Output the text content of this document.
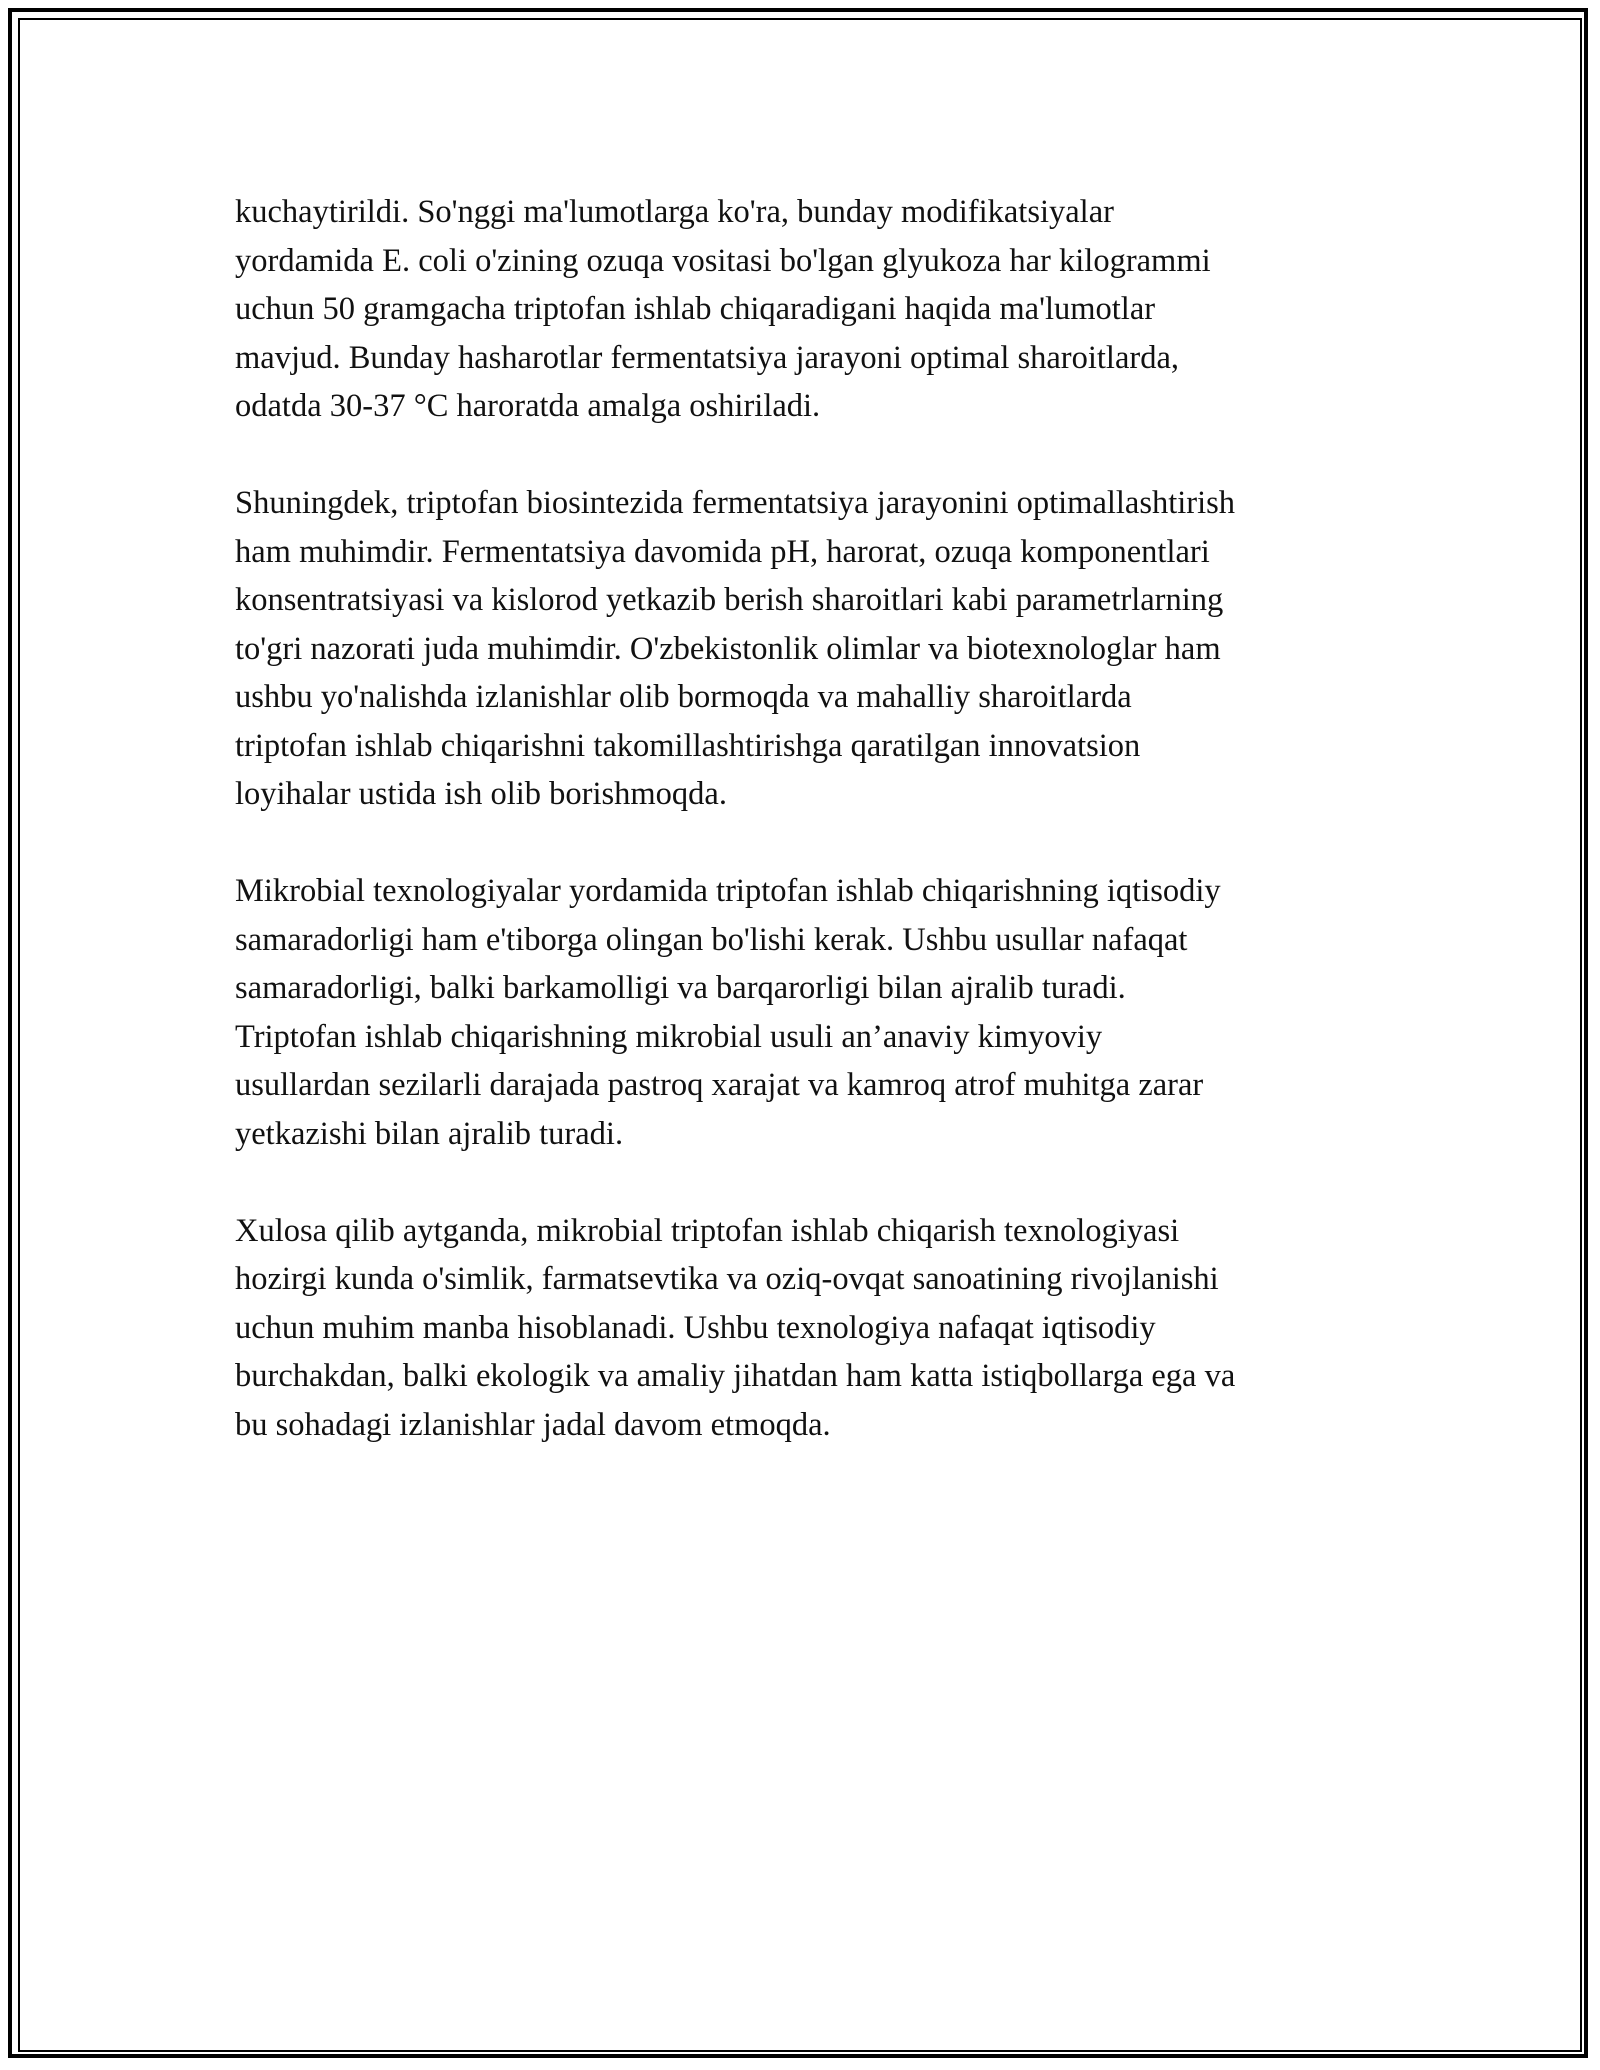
kuchaytirildi. So'nggi ma'lumotlarga ko'ra, bunday modifikatsiyalar
yordamida E. coli o'zining ozuqa vositasi bo'lgan glyukoza har kilogrammi
uchun 50 gramgacha triptofan ishlab chiqaradigani haqida ma'lumotlar
mavjud. Bunday hasharotlar fermentatsiya jarayoni optimal sharoitlarda,
odatda 30-37 °C haroratda amalga oshiriladi.
Shuningdek, triptofan biosintezida fermentatsiya jarayonini optimallashtirish
ham muhimdir. Fermentatsiya davomida pH, harorat, ozuqa komponentlari
konsentratsiyasi va kislorod yetkazib berish sharoitlari kabi parametrlarning
to'gri nazorati juda muhimdir. O'zbekistonlik olimlar va biotexnologlar ham
ushbu yo'nalishda izlanishlar olib bormoqda va mahalliy sharoitlarda
triptofan ishlab chiqarishni takomillashtirishga qaratilgan innovatsion
loyihalar ustida ish olib borishmoqda.
Mikrobial texnologiyalar yordamida triptofan ishlab chiqarishning iqtisodiy
samaradorligi ham e'tiborga olingan bo'lishi kerak. Ushbu usullar nafaqat
samaradorligi, balki barkamolligi va barqarorligi bilan ajralib turadi.
Triptofan ishlab chiqarishning mikrobial usuli an’anaviy kimyoviy
usullardan sezilarli darajada pastroq xarajat va kamroq atrof muhitga zarar
yetkazishi bilan ajralib turadi.
Xulosa qilib aytganda, mikrobial triptofan ishlab chiqarish texnologiyasi
hozirgi kunda o'simlik, farmatsevtika va oziq-ovqat sanoatining rivojlanishi
uchun muhim manba hisoblanadi. Ushbu texnologiya nafaqat iqtisodiy
burchakdan, balki ekologik va amaliy jihatdan ham katta istiqbollarga ega va
bu sohadagi izlanishlar jadal davom etmoqda.
